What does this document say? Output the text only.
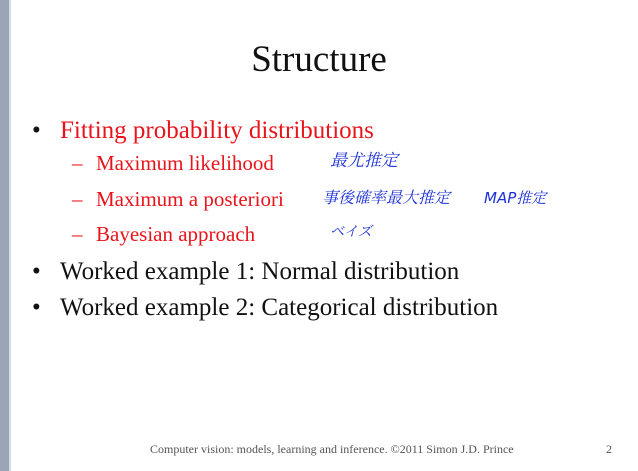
Structure
• Fitting probability distributions
– Maximum likelihood	最尤推定
– Maximum a posteriori 事後確率最大推定 MAP推定
– Bayesian approach	ベイズ
• Worked example 1: Normal distribution
• Worked example 2: Categorical distribution
Computer vision: models, learning and inference. ©2011 Simon J.D. Prince	2
